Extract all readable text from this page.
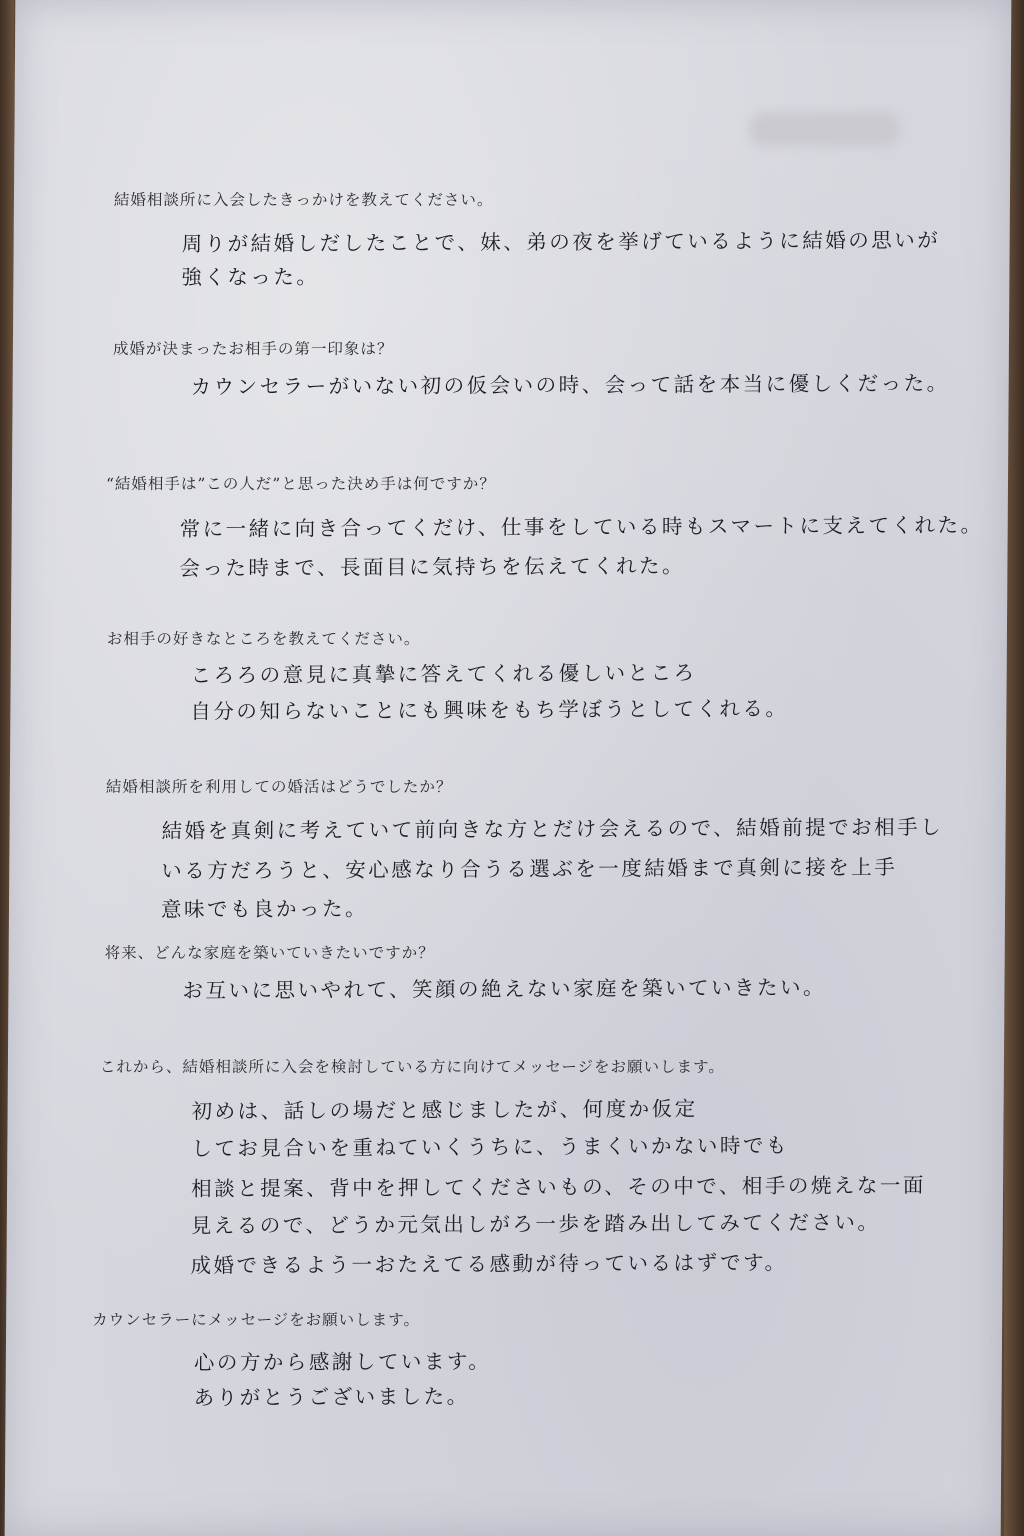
結婚相談所に入会したきっかけを教えてください。
周りが結婚しだしたことで、妹、弟の夜を挙げているように結婚の思いが
強くなった。
成婚が決まったお相手の第一印象は？
カウンセラーがいない初の仮会いの時、会って話を本当に優しくだった。
“結婚相手は”この人だ”と思った決め手は何ですか？
常に一緒に向き合ってくだけ、仕事をしている時もスマートに支えてくれた。
会った時まで、長面目に気持ちを伝えてくれた。
お相手の好きなところを教えてください。
ころろの意見に真摯に答えてくれる優しいところ
自分の知らないことにも興味をもち学ぼうとしてくれる。
結婚相談所を利用しての婚活はどうでしたか？
結婚を真剣に考えていて前向きな方とだけ会えるので、結婚前提でお相手し
いる方だろうと、安心感なり合うる選ぶを一度結婚まで真剣に接を上手
意味でも良かった。
将来、どんな家庭を築いていきたいですか？
お互いに思いやれて、笑顔の絶えない家庭を築いていきたい。
これから、結婚相談所に入会を検討している方に向けてメッセージをお願いします。
初めは、話しの場だと感じましたが、何度か仮定
してお見合いを重ねていくうちに、うまくいかない時でも
相談と提案、背中を押してくださいもの、その中で、相手の焼えな一面
見えるので、どうか元気出しがろ一歩を踏み出してみてください。
成婚できるよう一おたえてる感動が待っているはずです。
カウンセラーにメッセージをお願いします。
心の方から感謝しています。
ありがとうございました。
